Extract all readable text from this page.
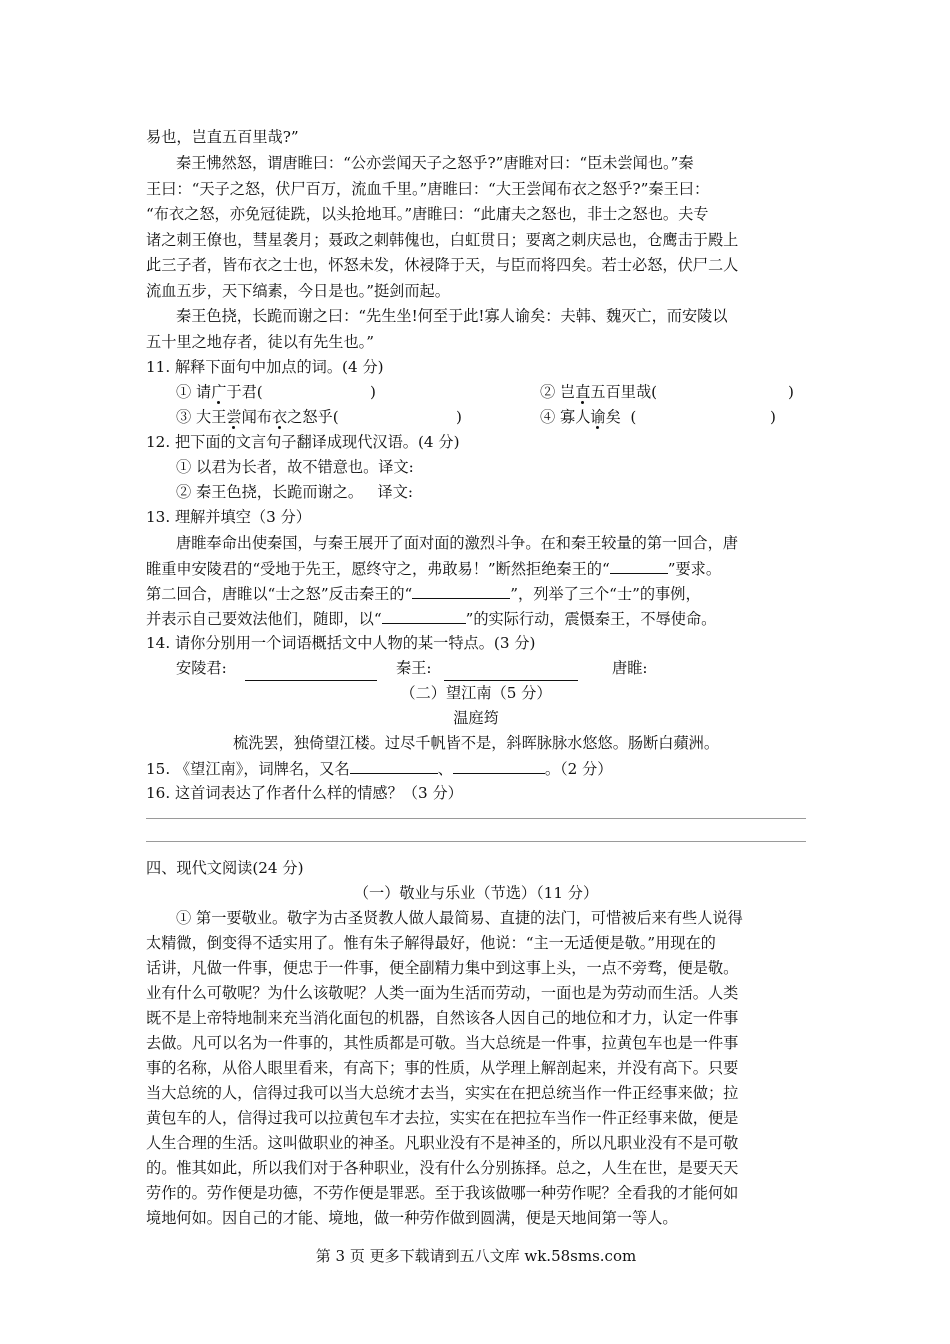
易也，岂直五百里哉?”
秦王怫然怒，谓唐睢曰：“公亦尝闻天子之怒乎?”唐睢对曰：“臣未尝闻也。”秦
王曰：“天子之怒，伏尸百万，流血千里。”唐睢曰：“大王尝闻布衣之怒乎?”秦王曰：
“布衣之怒，亦免冠徒跣，以头抢地耳。”唐睢曰：“此庸夫之怒也，非士之怒也。夫专
诸之刺王僚也，彗星袭月；聂政之刺韩傀也，白虹贯日；要离之刺庆忌也，仓鹰击于殿上
此三子者，皆布衣之士也，怀怒未发，休祲降于天，与臣而将四矣。若士必怒，伏尸二人
流血五步，天下缟素，今日是也。”挺剑而起。
秦王色挠，长跪而谢之曰：“先生坐!何至于此!寡人谕矣：夫韩、魏灭亡，而安陵以
五十里之地存者，徒以有先生也。”
11. 解释下面句中加点的词。(4 分)
① 请广于君(	)	② 岂直五百里哉(	)
③ 大王尝闻布衣之怒乎(	)	④ 寡人谕矣  (	)
12. 把下面的文言句子翻译成现代汉语。(4 分)
① 以君为长者，故不错意也。译文:
② 秦王色挠，长跪而谢之。   译文:
13. 理解并填空（3 分）
唐睢奉命出使秦国，与秦王展开了面对面的激烈斗争。在和秦王较量的第一回合，唐
睢重申安陵君的“受地于先王，愿终守之，弗敢易！”断然拒绝秦王的“	”要求。
第二回合，唐睢以“士之怒”反击秦王的“	”，列举了三个“士”的事例，
并表示自己要效法他们，随即，以“	”的实际行动，震慑秦王，不辱使命。
14. 请你分别用一个词语概括文中人物的某一特点。(3 分)
安陵君:	秦王:	唐睢:
（二）望江南（5 分）
温庭筠
梳洗罢，独倚望江楼。过尽千帆皆不是，斜晖脉脉水悠悠。肠断白蘋洲。
15. 《望江南》，词牌名，又名	、	。（2 分）
16. 这首词表达了作者什么样的情感？（3 分）
四、现代文阅读(24 分)
（一）敬业与乐业（节选）（11 分）
① 第一要敬业。敬字为古圣贤教人做人最简易、直捷的法门，可惜被后来有些人说得
太精微，倒变得不适实用了。惟有朱子解得最好，他说：“主一无适便是敬。”用现在的
话讲，凡做一件事，便忠于一件事，便全副精力集中到这事上头，一点不旁骛，便是敬。
业有什么可敬呢？为什么该敬呢？人类一面为生活而劳动，一面也是为劳动而生活。人类
既不是上帝特地制来充当消化面包的机器，自然该各人因自己的地位和才力，认定一件事
去做。凡可以名为一件事的，其性质都是可敬。当大总统是一件事，拉黄包车也是一件事
事的名称，从俗人眼里看来，有高下；事的性质，从学理上解剖起来，并没有高下。只要
当大总统的人，信得过我可以当大总统才去当，实实在在把总统当作一件正经事来做；拉
黄包车的人，信得过我可以拉黄包车才去拉，实实在在把拉车当作一件正经事来做，便是
人生合理的生活。这叫做职业的神圣。凡职业没有不是神圣的，所以凡职业没有不是可敬
的。惟其如此，所以我们对于各种职业，没有什么分别拣择。总之，人生在世，是要天天
劳作的。劳作便是功德，不劳作便是罪恶。至于我该做哪一种劳作呢？全看我的才能何如
境地何如。因自己的才能、境地，做一种劳作做到圆满，便是天地间第一等人。
第 3 页 更多下载请到五八文库 wk.58sms.com
